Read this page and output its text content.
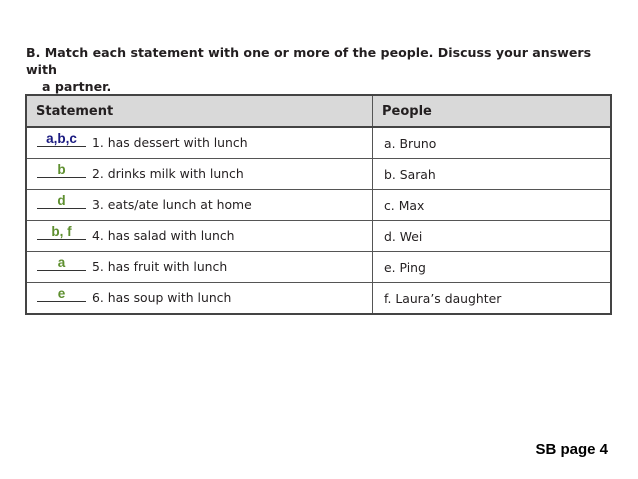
B. Match each statement with one or more of the people. Discuss your answers with
a partner.
Statement	People
a,b,c 1. has dessert with lunch	a. Bruno
b 2. drinks milk with lunch	b. Sarah
d 3. eats/ate lunch at home	c. Max
b, f 4. has salad with lunch	d. Wei
a 5. has fruit with lunch	e. Ping
e 6. has soup with lunch	f. Laura’s daughter
SB page 4
